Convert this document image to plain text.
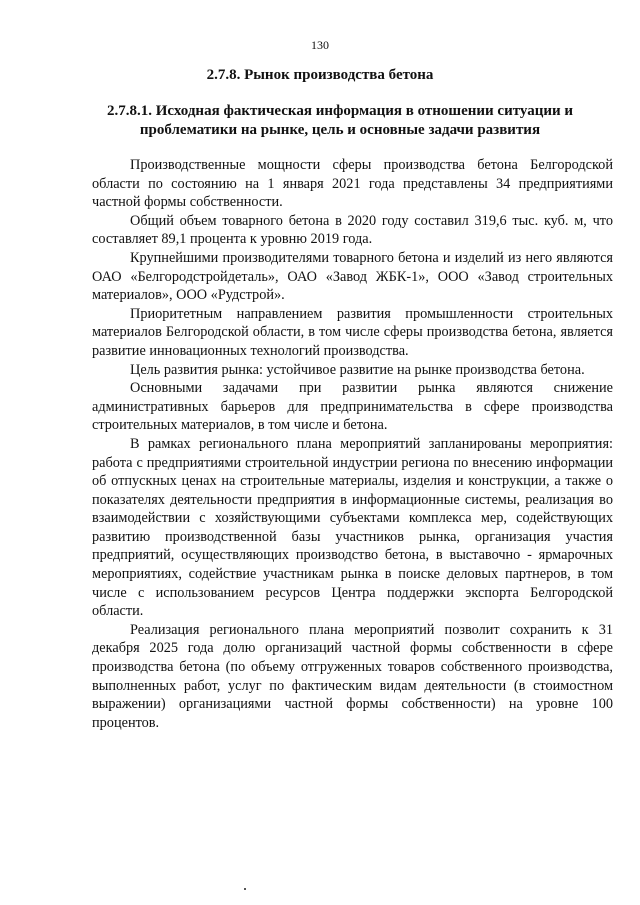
130
2.7.8. Рынок производства бетона
2.7.8.1. Исходная фактическая информация в отношении ситуации и проблематики на рынке, цель и основные задачи развития

Производственные мощности сферы производства бетона Белгородской области по состоянию на 1 января 2021 года представлены 34 предприятиями частной формы собственности.

Общий объем товарного бетона в 2020 году составил 319,6 тыс. куб. м, что составляет 89,1 процента к уровню 2019 года.

Крупнейшими производителями товарного бетона и изделий из него являются ОАО «Белгородстройдеталь», ОАО «Завод ЖБК-1», ООО «Завод строительных материалов», ООО «Рудстрой».

Приоритетным направлением развития промышленности строительных материалов Белгородской области, в том числе сферы производства бетона, является развитие инновационных технологий производства.

Цель развития рынка: устойчивое развитие на рынке производства бетона.

Основными задачами при развитии рынка являются снижение административных барьеров для предпринимательства в сфере производства строительных материалов, в том числе и бетона.

В рамках регионального плана мероприятий запланированы мероприятия: работа с предприятиями строительной индустрии региона по внесению информации об отпускных ценах на строительные материалы, изделия и конструкции, а также о показателях деятельности предприятия в информационные системы, реализация во взаимодействии с хозяйствующими субъектами комплекса мер, содействующих развитию производственной базы участников рынка, организация участия предприятий, осуществляющих производство бетона, в выставочно - ярмарочных мероприятиях, содействие участникам рынка в поиске деловых партнеров, в том числе с использованием ресурсов Центра поддержки экспорта Белгородской области.

Реализация регионального плана мероприятий позволит сохранить к 31 декабря 2025 года долю организаций частной формы собственности в сфере производства бетона (по объему отгруженных товаров собственного производства, выполненных работ, услуг по фактическим видам деятельности (в стоимостном выражении) организациями частной формы собственности) на уровне 100 процентов.
